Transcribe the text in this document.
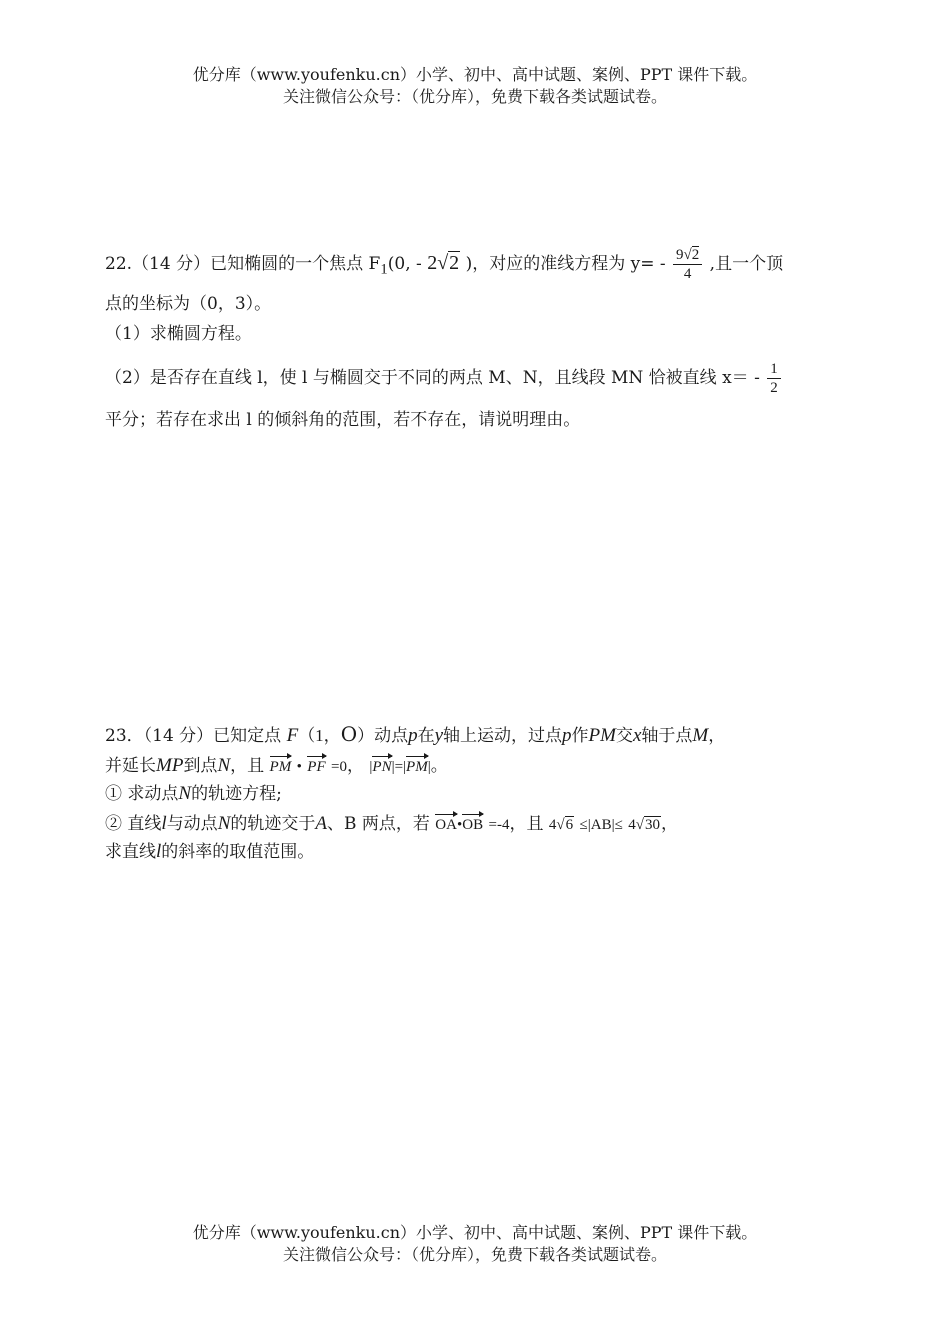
优分库（www.youfenku.cn）小学、初中、高中试题、案例、PPT 课件下载。
关注微信公众号：（优分库），免费下载各类试题试卷。
22.（14 分）已知椭圆的一个焦点 $F_1(0$, - 2√2 )，对应的准线方程为 $y= - \frac{9√2}{4}$ ,且一个顶
点的坐标为（0，3）。
（1）求椭圆方程。
（2）是否存在直线 l，使 l 与椭圆交于不同的两点 M、N，且线段 MN 恰被直线 $x= - \frac{1}{2}$
平分；若存在求出 l 的倾斜角的范围，若不存在，请说明理由。
23．（14 分）已知定点 F（1，O）动点p在y轴上运动，过点p作PM交x轴于点M，
并延长MP到点N，且 PM • PF =0， |PN|=|PM|。
① 求动点N的轨迹方程;
② 直线l与动点N的轨迹交于A、B 两点，若 OA•OB =-4，且 4√6 ≤|AB|≤ 4√30，
求直线l的斜率的取值范围。
优分库（www.youfenku.cn）小学、初中、高中试题、案例、PPT 课件下载。
关注微信公众号：（优分库），免费下载各类试题试卷。
